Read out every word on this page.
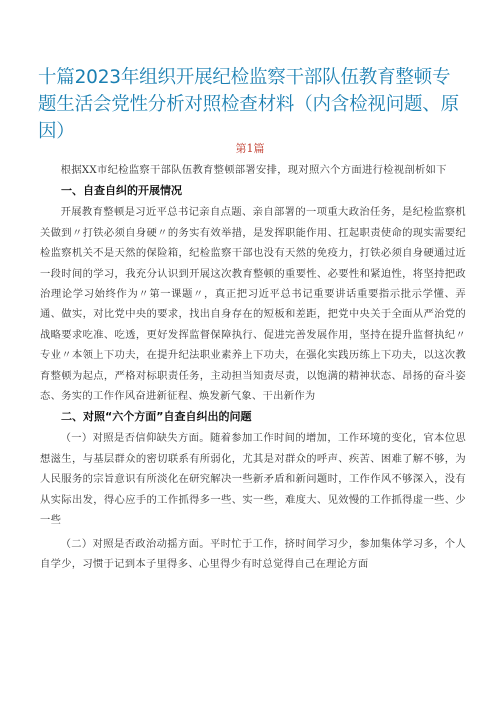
十篇2023年组织开展纪检监察干部队伍教育整顿专题生活会党性分析对照检查材料（内含检视问题、原因）

第1篇

根据XX市纪检监察干部队伍教育整顿部署安排，现对照六个方面进行检视剖析如下

一、自查自纠的开展情况

开展教育整顿是习近平总书记亲自点题、亲自部署的一项重大政治任务，是纪检监察机关做到〃打铁必须自身硬〃的务实有效举措，是发挥职能作用、扛起职责使命的现实需要纪检监察机关不是天然的保险箱，纪检监察干部也没有天然的免疫力，打铁必须自身硬通过近一段时间的学习，我充分认识到开展这次教育整顿的重要性、必要性和紧迫性，将坚持把政治理论学习始终作为〃第一课题〃，真正把习近平总书记重要讲话重要指示批示学懂、弄通、做实，对比党中央的要求，找出自身存在的短板和差距，把党中央关于全面从严治党的战略要求吃准、吃透，更好发挥监督保障执行、促进完善发展作用，坚持在提升监督执纪〃专业〃本领上下功夫，在提升纪法职业素养上下功夫，在强化实践历练上下功夫，以这次教育整顿为起点，严格对标职责任务，主动担当知责尽责，以饱满的精神状态、昂扬的奋斗姿态、务实的工作作风奋进新征程、焕发新气象、干出新作为

二、对照“六个方面”自查自纠出的问题

（一）对照是否信仰缺失方面。随着参加工作时间的增加，工作环境的变化，官本位思想滋生，与基层群众的密切联系有所弱化，尤其是对群众的呼声、疾苦、困难了解不够，为人民服务的宗旨意识有所淡化在研究解决一些新矛盾和新问题时，工作作风不够深入，没有从实际出发，得心应手的工作抓得多一些、实一些，难度大、见效慢的工作抓得虚一些、少一些

（二）对照是否政治动摇方面。平时忙于工作，挤时间学习少，参加集体学习多，个人自学少，习惯于记到本子里得多、心里得少有时总觉得自己在理论方面
